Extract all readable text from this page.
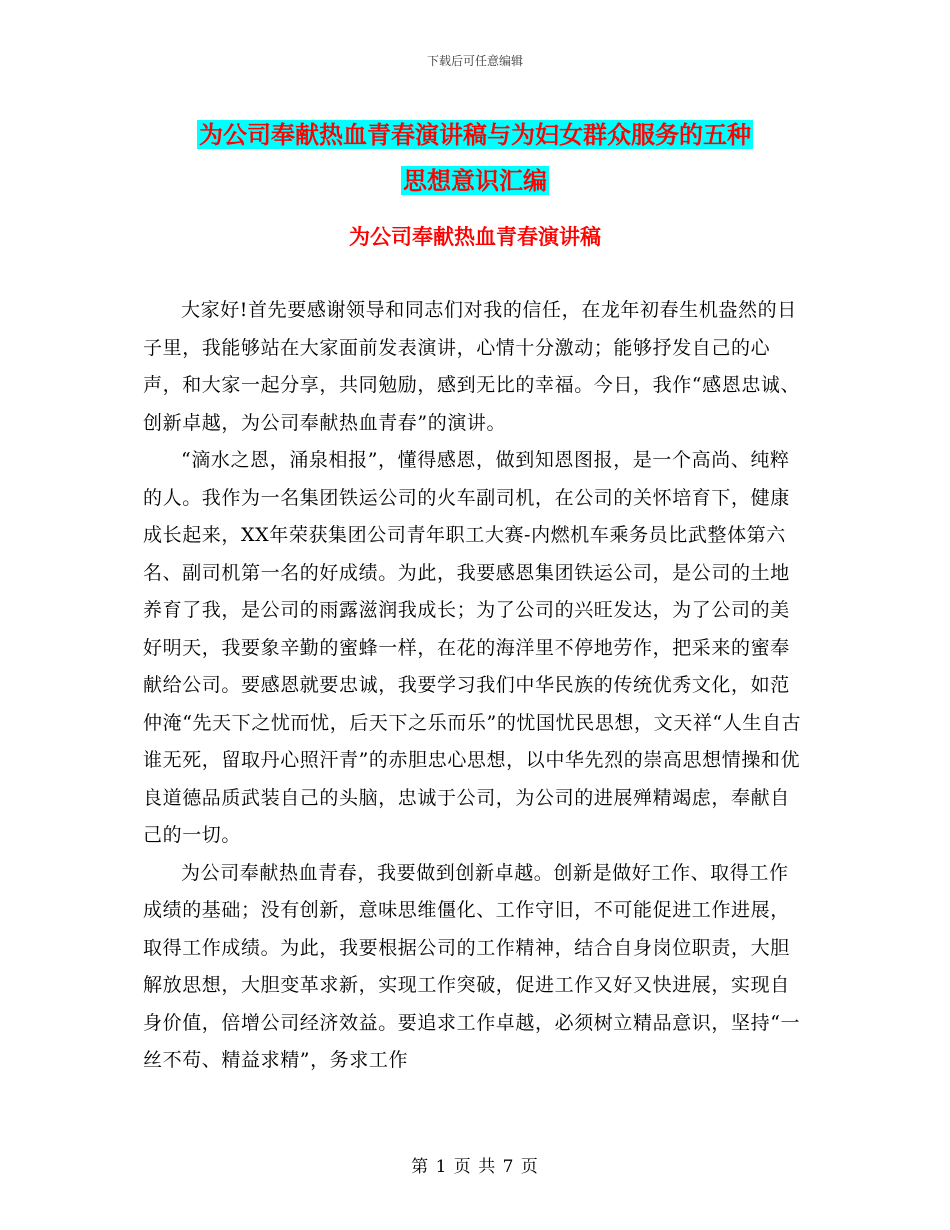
下载后可任意编辑
为公司奉献热血青春演讲稿与为妇女群众服务的五种
思想意识汇编
为公司奉献热血青春演讲稿

大家好!首先要感谢领导和同志们对我的信任，在龙年初春生机盎然的日子里，我能够站在大家面前发表演讲，心情十分激动；能够抒发自己的心声，和大家一起分享，共同勉励，感到无比的幸福。今日，我作“感恩忠诚、创新卓越，为公司奉献热血青春”的演讲。

“滴水之恩，涌泉相报”，懂得感恩，做到知恩图报，是一个高尚、纯粹的人。我作为一名集团铁运公司的火车副司机，在公司的关怀培育下，健康成长起来，XX年荣获集团公司青年职工大赛-内燃机车乘务员比武整体第六名、副司机第一名的好成绩。为此，我要感恩集团铁运公司，是公司的土地养育了我，是公司的雨露滋润我成长；为了公司的兴旺发达，为了公司的美好明天，我要象辛勤的蜜蜂一样，在花的海洋里不停地劳作，把采来的蜜奉献给公司。要感恩就要忠诚，我要学习我们中华民族的传统优秀文化，如范仲淹“先天下之忧而忧，后天下之乐而乐”的忧国忧民思想，文天祥“人生自古谁无死，留取丹心照汗青”的赤胆忠心思想，以中华先烈的崇高思想情操和优良道德品质武装自己的头脑，忠诚于公司，为公司的进展殚精竭虑，奉献自己的一切。

为公司奉献热血青春，我要做到创新卓越。创新是做好工作、取得工作成绩的基础；没有创新，意味思维僵化、工作守旧，不可能促进工作进展，取得工作成绩。为此，我要根据公司的工作精神，结合自身岗位职责，大胆解放思想，大胆变革求新，实现工作突破，促进工作又好又快进展，实现自身价值，倍增公司经济效益。要追求工作卓越，必须树立精品意识，坚持“一丝不苟、精益求精”，务求工作

第 1 页 共 7 页
